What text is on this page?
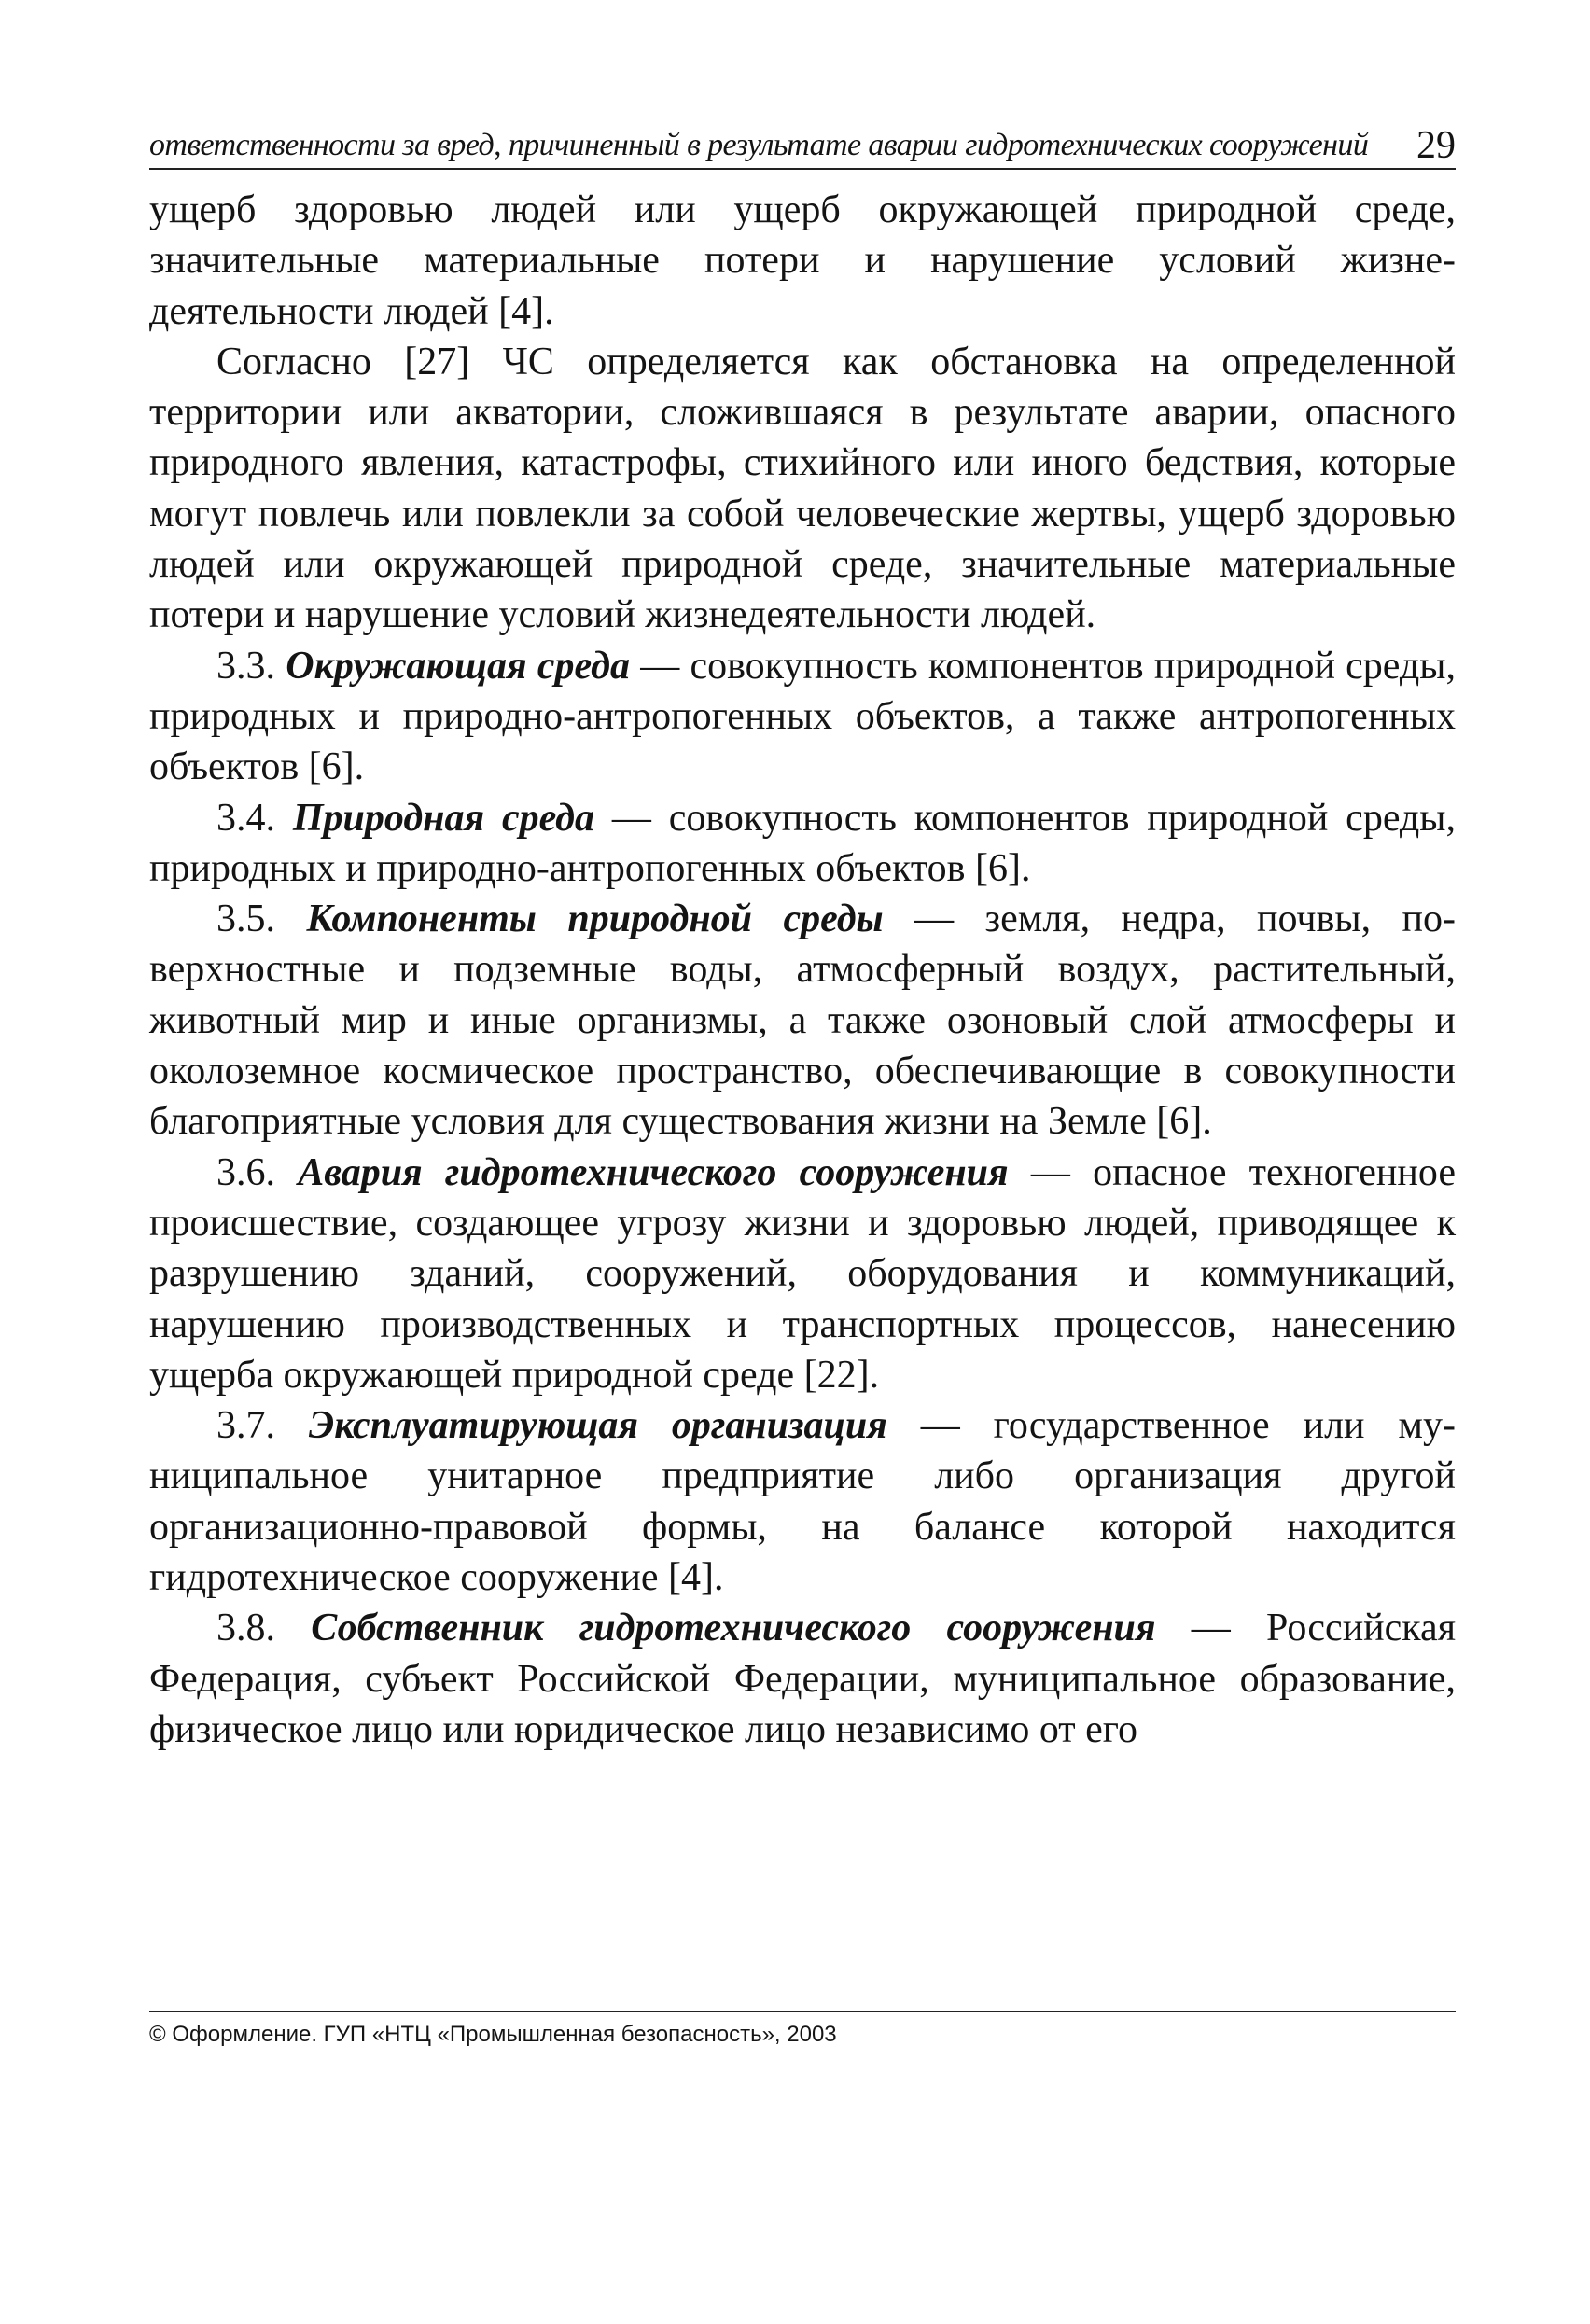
ответственности за вред, причиненный в результате аварии гидротехнических сооружений 29

ущерб здоровью людей или ущерб окружающей природной среде, значительные материальные потери и нарушение условий жизнедеятельности людей [4].

Согласно [27] ЧС определяется как обстановка на определенной территории или акватории, сложившаяся в результате аварии, опасного природного явления, катастрофы, стихийного или иного бедствия, которые могут повлечь или повлекли за собой человеческие жертвы, ущерб здоровью людей или окружающей природной среде, значительные материальные потери и нарушение условий жизнедеятельности людей.

3.3. Окружающая среда — совокупность компонентов природной среды, природных и природно-антропогенных объектов, а также антропогенных объектов [6].

3.4. Природная среда — совокупность компонентов природной среды, природных и природно-антропогенных объектов [6].

3.5. Компоненты природной среды — земля, недра, почвы, поверхностные и подземные воды, атмосферный воздух, растительный, животный мир и иные организмы, а также озоновый слой атмосферы и околоземное космическое пространство, обеспечивающие в совокупности благоприятные условия для существования жизни на Земле [6].

3.6. Авария гидротехнического сооружения — опасное техногенное происшествие, создающее угрозу жизни и здоровью людей, приводящее к разрушению зданий, сооружений, оборудования и коммуникаций, нарушению производственных и транспортных процессов, нанесению ущерба окружающей природной среде [22].

3.7. Эксплуатирующая организация — государственное или муниципальное унитарное предприятие либо организация другой организационно-правовой формы, на балансе которой находится гидротехническое сооружение [4].

3.8. Собственник гидротехнического сооружения — Российская Федерация, субъект Российской Федерации, муниципальное образование, физическое лицо или юридическое лицо независимо от его

© Оформление. ГУП «НТЦ «Промышленная безопасность», 2003
